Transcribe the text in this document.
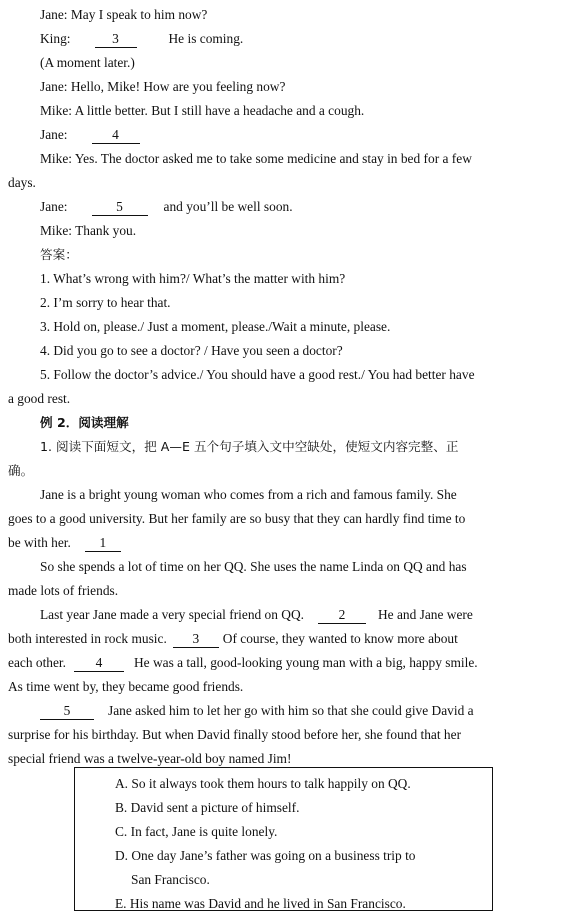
Jane: May I speak to him now?
King:	3	He is coming.
(A moment later.)
Jane: Hello, Mike! How are you feeling now?
Mike: A little better. But I still have a headache and a cough.
Jane:	4
Mike: Yes. The doctor asked me to take some medicine and stay in bed for a few
days.
Jane:	5	and you’ll be well soon.
Mike: Thank you.
答案：
1. What’s wrong with him?/ What’s the matter with him?
2. I’m sorry to hear that.
3. Hold on, please./ Just a moment, please./Wait a minute, please.
4. Did you go to see a doctor? / Have you seen a doctor?
5. Follow the doctor’s advice./ You should have a good rest./ You had better have
a good rest.
例 2．阅读理解
1. 阅读下面短文，把 A—E 五个句子填入文中空缺处，使短文内容完整、正
确。
Jane is a bright young woman who comes from a rich and famous family. She
goes to a good university. But her family are so busy that they can hardly find time to
be with her. 1
So she spends a lot of time on her QQ. She uses the name Linda on QQ and has
made lots of friends.
Last year Jane made a very special friend on QQ.	2 He and Jane were
both interested in rock music. 3 Of course, they wanted to know more about
each other. 4 He was a tall, good-looking young man with a big, happy smile.
As time went by, they became good friends.
5	Jane asked him to let her go with him so that she could give David a
surprise for his birthday. But when David finally stood before her, she found that her
special friend was a twelve-year-old boy named Jim!
A. So it always took them hours to talk happily on QQ.
B. David sent a picture of himself.
C. In fact, Jane is quite lonely.
D. One day Jane’s father was going on a business trip to
San Francisco.
E. His name was David and he lived in San Francisco.
